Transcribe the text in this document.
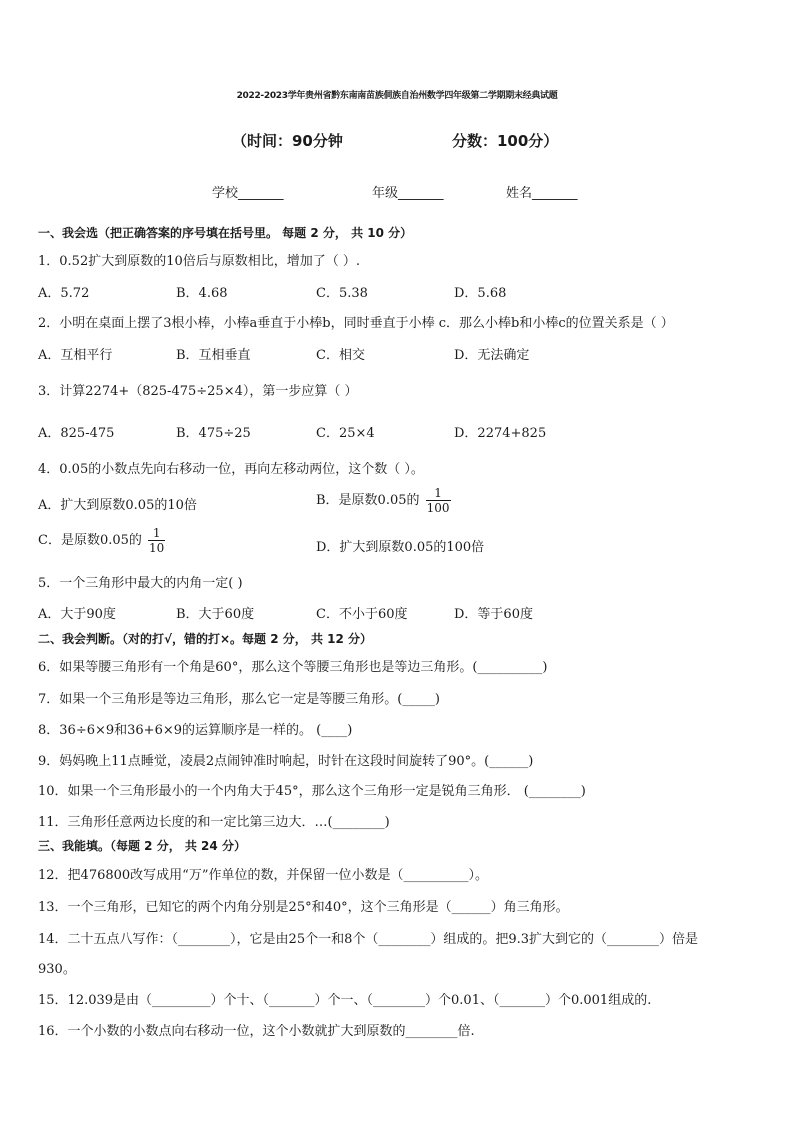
2022-2023学年贵州省黔东南南苗族侗族自治州数学四年级第二学期期末经典试题
（时间：90分钟	分数：100分）
学校_______	年级_______	姓名_______
一、我会选（把正确答案的序号填在括号里。 每题 2 分， 共 10 分）
1．0.52扩大到原数的10倍后与原数相比，增加了（ ）.
A．5.72	B．4.68	C．5.38	D．5.68
2．小明在桌面上摆了3根小棒，小棒a垂直于小棒b，同时垂直于小棒 c．那么小棒b和小棒c的位置关系是（ ）
A．互相平行	B．互相垂直	C．相交	D．无法确定
3．计算2274+（825-475÷25×4），第一步应算（ ）
A．825-475	B．475÷25	C．25×4	D．2274+825
4．0.05的小数点先向右移动一位，再向左移动两位，这个数（ ）。
A．扩大到原数0.05的10倍	B．是原数0.05的 $\frac{1}{100}$
C．是原数0.05的 $\frac{1}{10}$	D．扩大到原数0.05的100倍
5．一个三角形中最大的内角一定( )
A．大于90度	B．大于60度	C．不小于60度	D．等于60度
二、我会判断。（对的打√，错的打×。每题 2 分， 共 12 分）
6．如果等腰三角形有一个角是60°，那么这个等腰三角形也是等边三角形。(__________)
7．如果一个三角形是等边三角形，那么它一定是等腰三角形。(_____)
8．36÷6×9和36+6×9的运算顺序是一样的。 (____)
9．妈妈晚上11点睡觉，凌晨2点闹钟准时响起，时针在这段时间旋转了90°。(______)
10．如果一个三角形最小的一个内角大于45°，那么这个三角形一定是锐角三角形． (________)
11．三角形任意两边长度的和一定比第三边大．…(________)
三、我能填。（每题 2 分， 共 24 分）
12．把476800改写成用“万”作单位的数，并保留一位小数是（__________）。
13．一个三角形，已知它的两个内角分别是25°和40°，这个三角形是（______）角三角形。
14．二十五点八写作：（________），它是由25个一和8个（________）组成的。把9.3扩大到它的（________）倍是
930。
15．12.039是由（_________）个十、（_______）个一、（________）个0.01、（_______）个0.001组成的.
16．一个小数的小数点向右移动一位，这个小数就扩大到原数的________倍.
